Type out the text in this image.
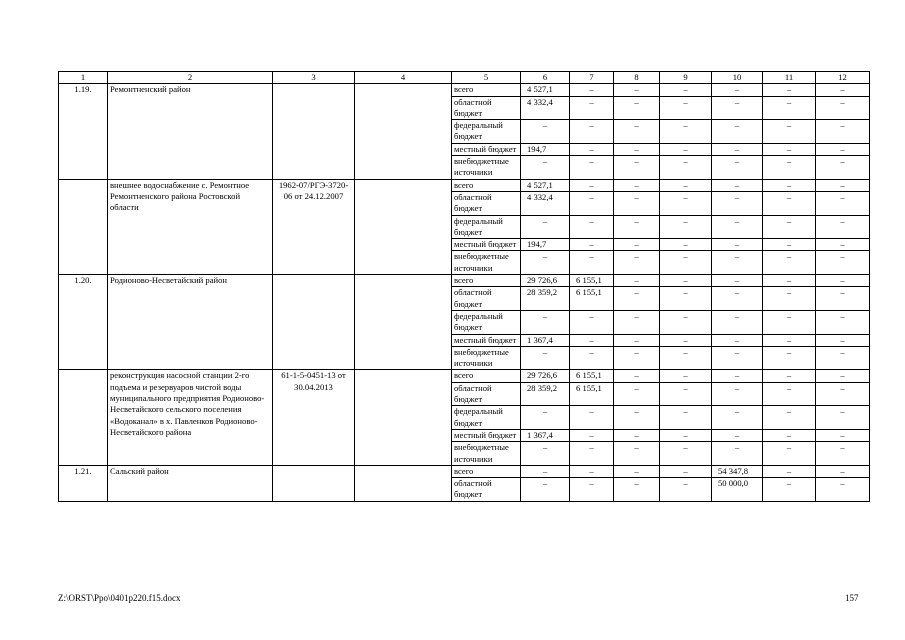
1	2	3	4	5	6	7	8	9	10	11	12
1.19.	Ремонтненский район			всего	4 527,1	–	–	–	–	–	–
				областной бюджет	4 332,4	–	–	–	–	–	–
				федеральный бюджет	–	–	–	–	–	–	–
				местный бюджет	194,7	–	–	–	–	–	–
				внебюджетные источники	–	–	–	–	–	–	–
	внешнее водоснабжение с. Ремонтное Ремонтненского района Ростовской области	1962-07/РГЭ-3720-06 от 24.12.2007		всего	4 527,1	–	–	–	–	–	–
				областной бюджет	4 332,4	–	–	–	–	–	–
				федеральный бюджет	–	–	–	–	–	–	–
				местный бюджет	194,7	–	–	–	–	–	–
				внебюджетные источники	–	–	–	–	–	–	–
1.20.	Родионово-Несветайский район			всего	29 726,6	6 155,1	–	–	–	–	–
				областной бюджет	28 359,2	6 155,1	–	–	–	–	–
				федеральный бюджет	–	–	–	–	–	–	–
				местный бюджет	1 367,4	–	–	–	–	–	–
				внебюджетные источники	–	–	–	–	–	–	–
	реконструкция насосной станции 2-го подъема и резервуаров чистой воды муниципального предприятия Родионово-Несветайского сельского поселения «Водоканал» в х. Павленков Родионово-Несветайского района	61-1-5-0451-13 от 30.04.2013		всего	29 726,6	6 155,1	–	–	–	–	–
				областной бюджет	28 359,2	6 155,1	–	–	–	–	–
				федеральный бюджет	–	–	–	–	–	–	–
				местный бюджет	1 367,4	–	–	–	–	–	–
				внебюджетные источники	–	–	–	–	–	–	–
1.21.	Сальский район			всего	–	–	–	–	54 347,8	–	–
				областной бюджет	–	–	–	–	50 000,0	–	–
Z:\ORST\Ppo\0401p220.f15.docx	157
